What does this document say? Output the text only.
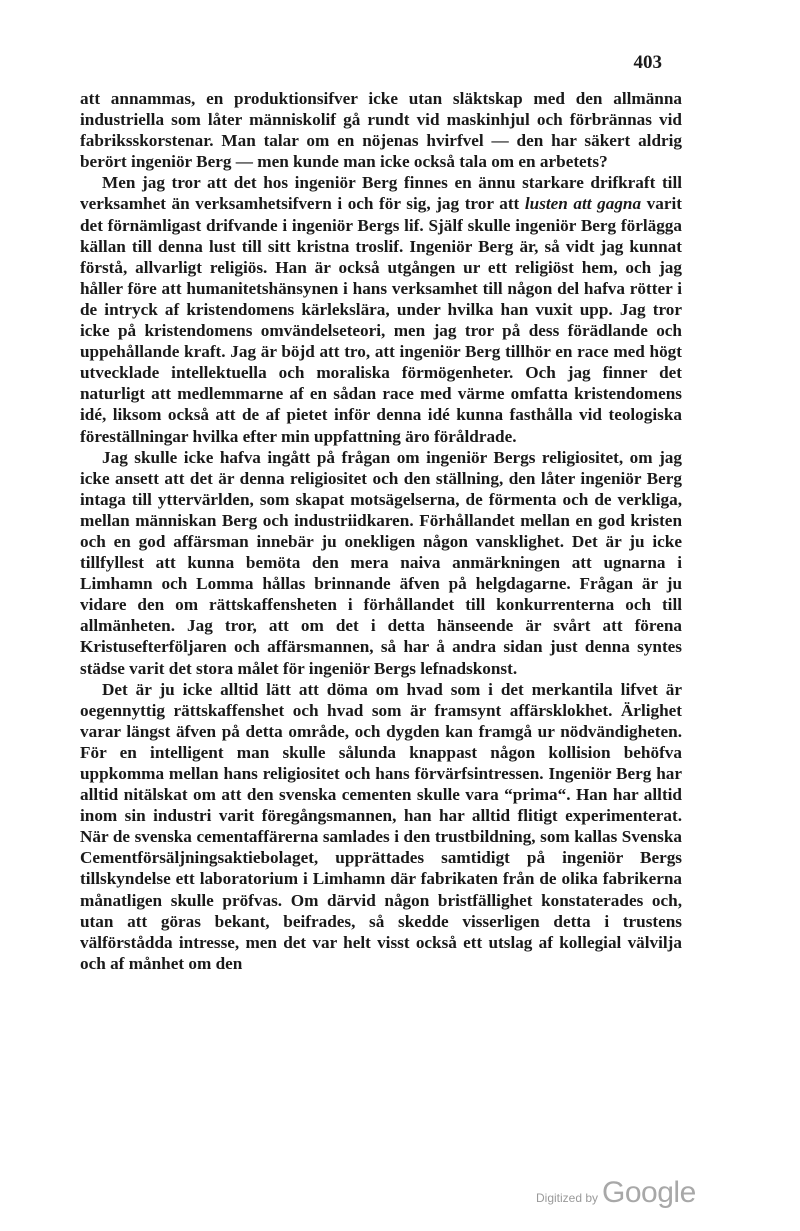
403

att annammas, en produktionsifver icke utan släktskap med den allmänna industriella som låter människolif gå rundt vid maskinhjul och förbrännas vid fabriksskorstenar. Man talar om en nöjenas hvirfvel — den har säkert aldrig berört ingeniör Berg — men kunde man icke också tala om en arbetets?

Men jag tror att det hos ingeniör Berg finnes en ännu starkare drifkraft till verksamhet än verksamhetsifvern i och för sig, jag tror att lusten att gagna varit det förnämligast drifvande i ingeniör Bergs lif. Själf skulle ingeniör Berg förlägga källan till denna lust till sitt kristna troslif. Ingeniör Berg är, så vidt jag kunnat förstå, allvarligt religiös. Han är också utgången ur ett religiöst hem, och jag håller före att humanitetshänsynen i hans verksamhet till någon del hafva rötter i de intryck af kristendomens kärlekslära, under hvilka han vuxit upp. Jag tror icke på kristendomens omvändelseteori, men jag tror på dess förädlande och uppehållande kraft. Jag är böjd att tro, att ingeniör Berg tillhör en race med högt utvecklade intellektuella och moraliska förmögenheter. Och jag finner det naturligt att medlemmarne af en sådan race med värme omfatta kristendomens idé, liksom också att de af pietet inför denna idé kunna fasthålla vid teologiska föreställningar hvilka efter min uppfattning äro föråldrade.

Jag skulle icke hafva ingått på frågan om ingeniör Bergs religiositet, om jag icke ansett att det är denna religiositet och den ställning, den låter ingeniör Berg intaga till yttervärlden, som skapat motsägelserna, de förmenta och de verkliga, mellan människan Berg och industriidkaren. Förhållandet mellan en god kristen och en god affärsman innebär ju onekligen någon vansklighet. Det är ju icke tillfyllest att kunna bemöta den mera naiva anmärkningen att ugnarna i Limhamn och Lomma hållas brinnande äfven på helgdagarne. Frågan är ju vidare den om rättskaffensheten i förhållandet till konkurrenterna och till allmänheten. Jag tror, att om det i detta hänseende är svårt att förena Kristusefterföljaren och affärsmannen, så har å andra sidan just denna syntes städse varit det stora målet för ingeniör Bergs lefnadskonst.

Det är ju icke alltid lätt att döma om hvad som i det merkantila lifvet är oegennyttig rättskaffenshet och hvad som är framsynt affärsklokhet. Ärlighet varar längst äfven på detta område, och dygden kan framgå ur nödvändigheten. För en intelligent man skulle sålunda knappast någon kollision behöfva uppkomma mellan hans religiositet och hans förvärfsintressen. Ingeniör Berg har alltid nitälskat om att den svenska cementen skulle vara “prima“. Han har alltid inom sin industri varit föregångsmannen, han har alltid flitigt experimenterat. När de svenska cementaffärerna samlades i den trustbildning, som kallas Svenska Cementförsäljningsaktiebolaget, upprättades samtidigt på ingeniör Bergs tillskyndelse ett laboratorium i Limhamn där fabrikaten från de olika fabrikerna månatligen skulle pröfvas. Om därvid någon bristfällighet konstaterades och, utan att göras bekant, beifrades, så skedde visserligen detta i trustens välförstådda intresse, men det var helt visst också ett utslag af kollegial välvilja och af månhet om den

Digitized by Google
